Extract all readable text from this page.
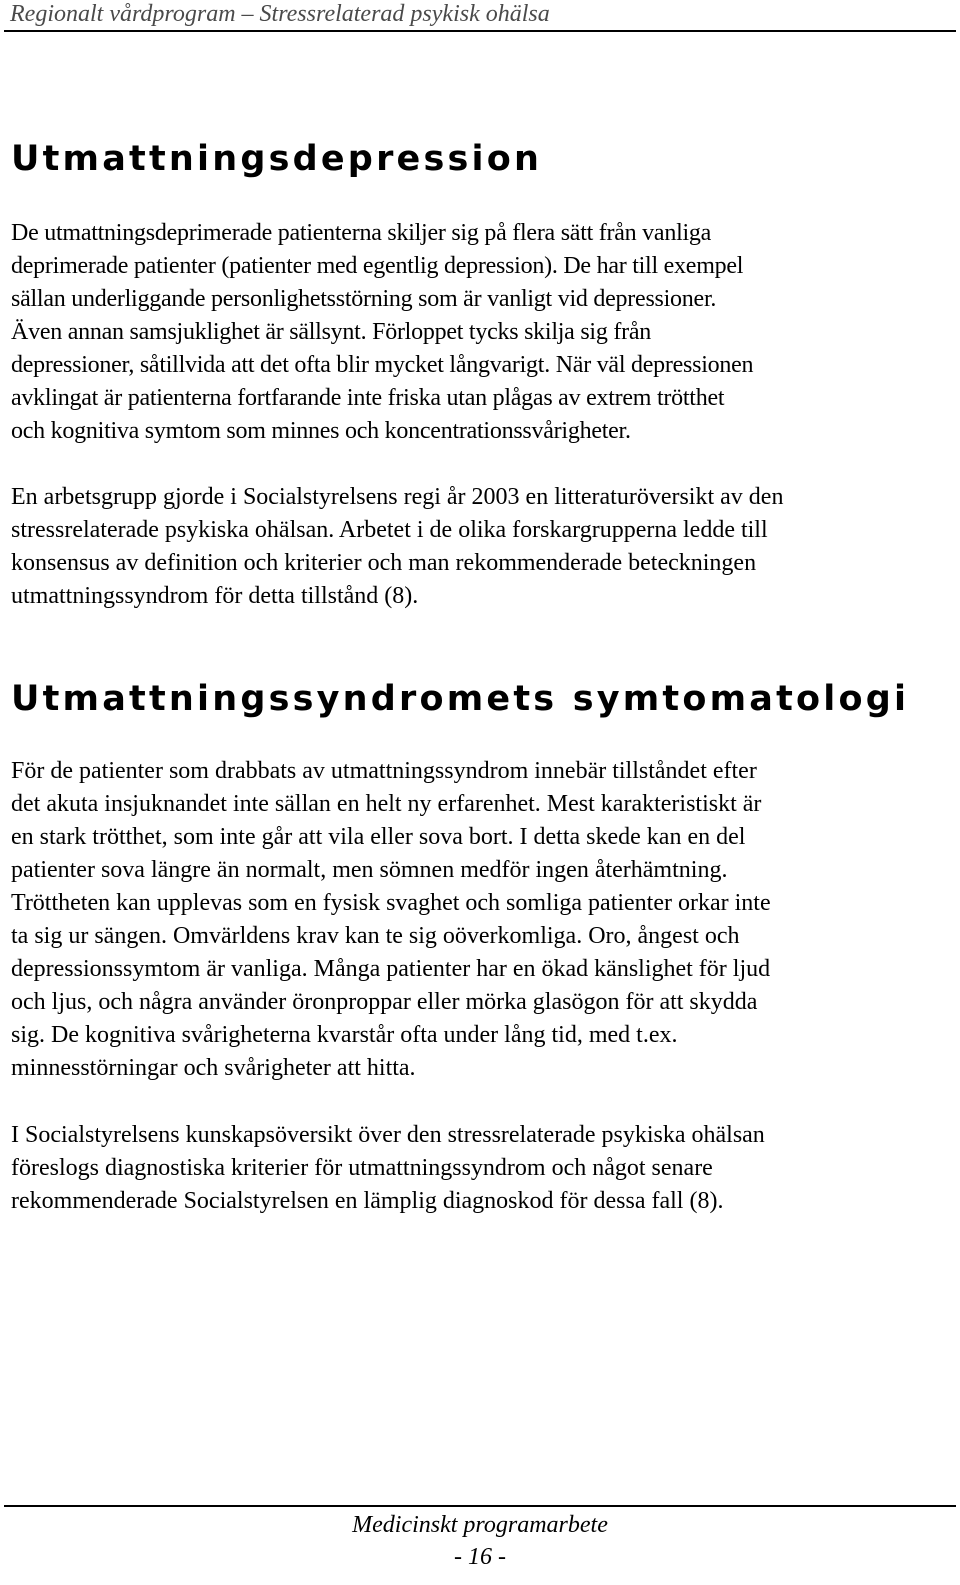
Regionalt vårdprogram – Stressrelaterad psykisk ohälsa
Utmattningsdepression
De utmattningsdeprimerade patienterna skiljer sig på flera sätt från vanliga
deprimerade patienter (patienter med egentlig depression). De har till exempel
sällan underliggande personlighetsstörning som är vanligt vid depressioner.
Även annan samsjuklighet är sällsynt. Förloppet tycks skilja sig från
depressioner, såtillvida att det ofta blir mycket långvarigt. När väl depressionen
avklingat är patienterna fortfarande inte friska utan plågas av extrem trötthet
och kognitiva symtom som minnes och koncentrationssvårigheter.
En arbetsgrupp gjorde i Socialstyrelsens regi år 2003 en litteraturöversikt av den
stressrelaterade psykiska ohälsan. Arbetet i de olika forskargrupperna ledde till
konsensus av definition och kriterier och man rekommenderade beteckningen
utmattningssyndrom för detta tillstånd (8).
Utmattningssyndromets symtomatologi
För de patienter som drabbats av utmattningssyndrom innebär tillståndet efter
det akuta insjuknandet inte sällan en helt ny erfarenhet. Mest karakteristiskt är
en stark trötthet, som inte går att vila eller sova bort. I detta skede kan en del
patienter sova längre än normalt, men sömnen medför ingen återhämtning.
Tröttheten kan upplevas som en fysisk svaghet och somliga patienter orkar inte
ta sig ur sängen. Omvärldens krav kan te sig oöverkomliga. Oro, ångest och
depressionssymtom är vanliga. Många patienter har en ökad känslighet för ljud
och ljus, och några använder öronproppar eller mörka glasögon för att skydda
sig. De kognitiva svårigheterna kvarstår ofta under lång tid, med t.ex.
minnesstörningar och svårigheter att hitta.
I Socialstyrelsens kunskapsöversikt över den stressrelaterade psykiska ohälsan
föreslogs diagnostiska kriterier för utmattningssyndrom och något senare
rekommenderade Socialstyrelsen en lämplig diagnoskod för dessa fall (8).
Medicinskt programarbete
- 16 -
